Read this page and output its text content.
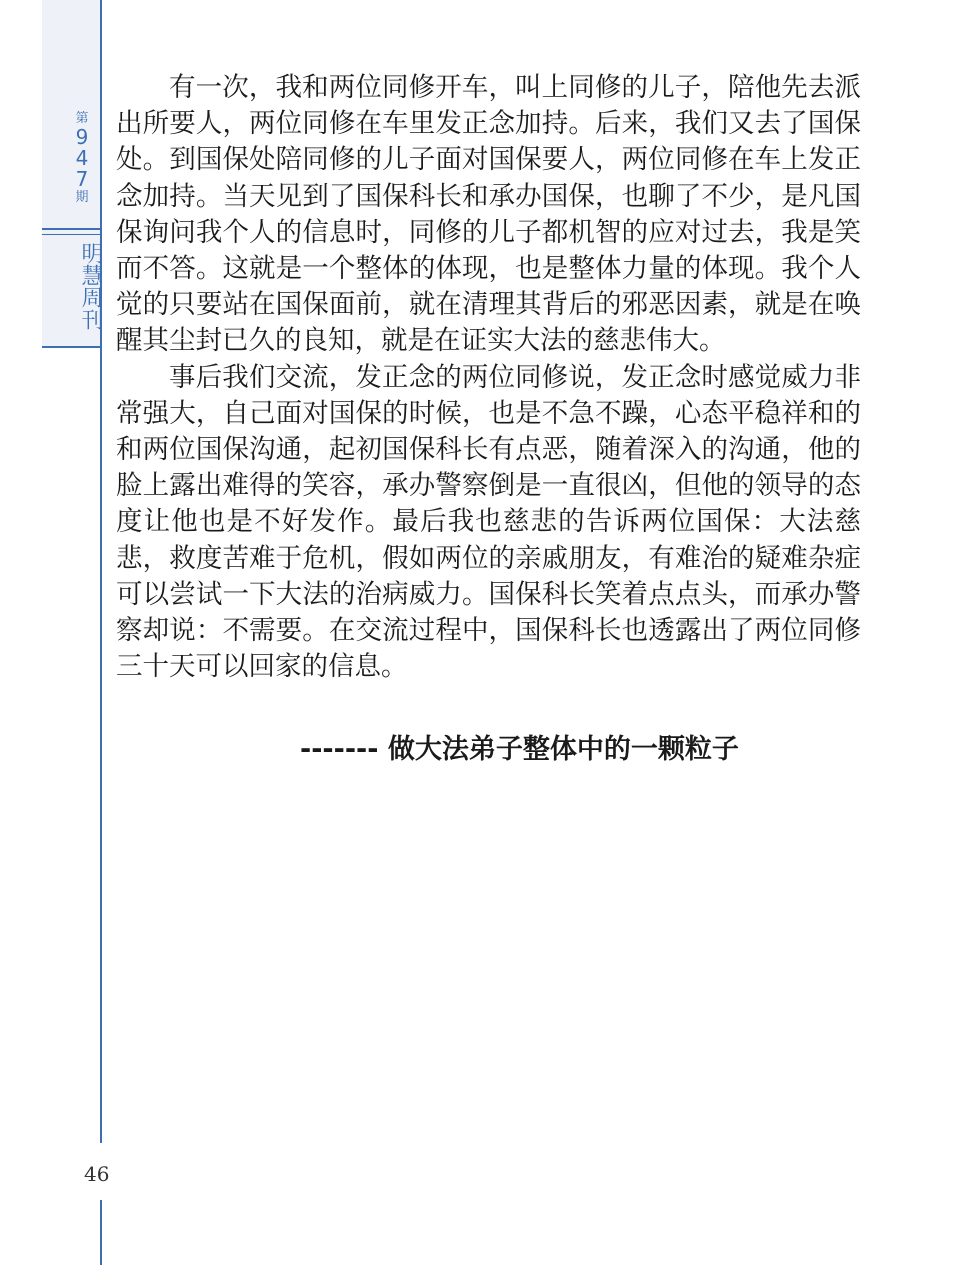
第
9
4
7
期
明慧周刊

有一次，我和两位同修开车，叫上同修的儿子，陪他先去派出所要人，两位同修在车里发正念加持。后来，我们又去了国保处。到国保处陪同修的儿子面对国保要人，两位同修在车上发正念加持。当天见到了国保科长和承办国保，也聊了不少，是凡国保询问我个人的信息时，同修的儿子都机智的应对过去，我是笑而不答。这就是一个整体的体现，也是整体力量的体现。我个人觉的只要站在国保面前，就在清理其背后的邪恶因素，就是在唤醒其尘封已久的良知，就是在证实大法的慈悲伟大。

事后我们交流，发正念的两位同修说，发正念时感觉威力非常强大，自己面对国保的时候，也是不急不躁，心态平稳祥和的和两位国保沟通，起初国保科长有点恶，随着深入的沟通，他的脸上露出难得的笑容，承办警察倒是一直很凶，但他的领导的态度让他也是不好发作。最后我也慈悲的告诉两位国保：大法慈悲，救度苦难于危机，假如两位的亲戚朋友，有难治的疑难杂症可以尝试一下大法的治病威力。国保科长笑着点点头，而承办警察却说：不需要。在交流过程中，国保科长也透露出了两位同修三十天可以回家的信息。

------- 做大法弟子整体中的一颗粒子
46
